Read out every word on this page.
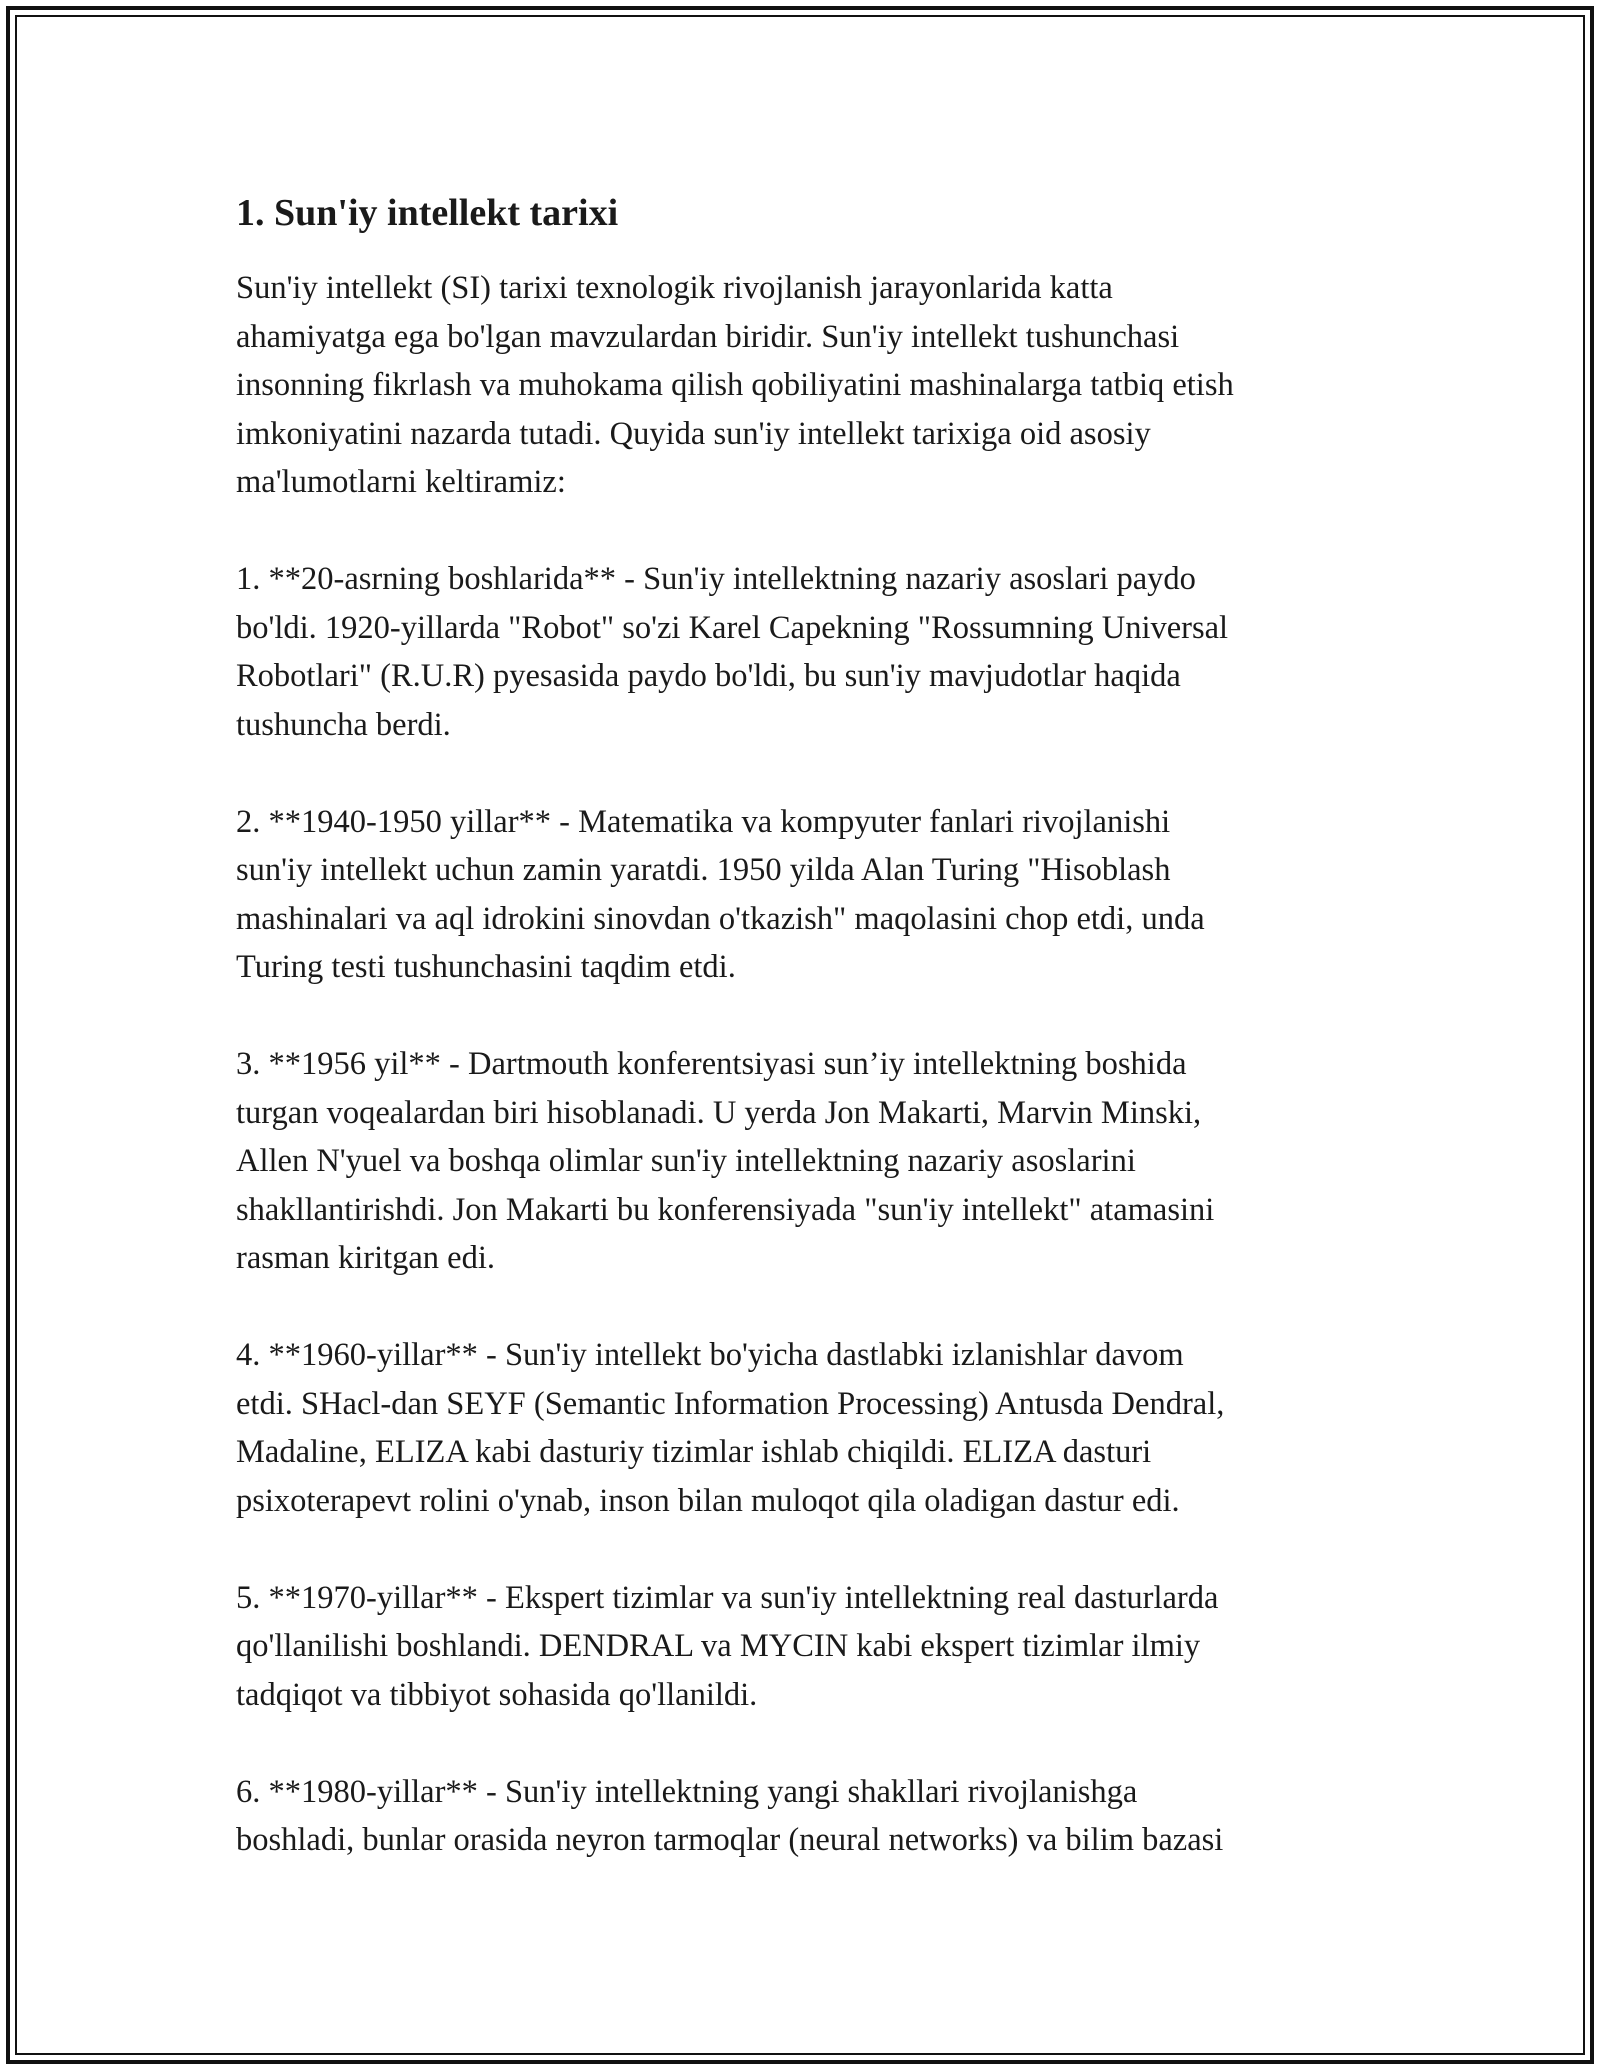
1. Sun'iy intellekt tarixi
Sun'iy intellekt (SI) tarixi texnologik rivojlanish jarayonlarida katta
ahamiyatga ega bo'lgan mavzulardan biridir. Sun'iy intellekt tushunchasi
insonning fikrlash va muhokama qilish qobiliyatini mashinalarga tatbiq etish
imkoniyatini nazarda tutadi. Quyida sun'iy intellekt tarixiga oid asosiy
ma'lumotlarni keltiramiz:
1. **20-asrning boshlarida** - Sun'iy intellektning nazariy asoslari paydo
bo'ldi. 1920-yillarda "Robot" so'zi Karel Capekning "Rossumning Universal
Robotlari" (R.U.R) pyesasida paydo bo'ldi, bu sun'iy mavjudotlar haqida
tushuncha berdi.
2. **1940-1950 yillar** - Matematika va kompyuter fanlari rivojlanishi
sun'iy intellekt uchun zamin yaratdi. 1950 yilda Alan Turing "Hisoblash
mashinalari va aql idrokini sinovdan o'tkazish" maqolasini chop etdi, unda
Turing testi tushunchasini taqdim etdi.
3. **1956 yil** - Dartmouth konferentsiyasi sun’iy intellektning boshida
turgan voqealardan biri hisoblanadi. U yerda Jon Makarti, Marvin Minski,
Allen N'yuel va boshqa olimlar sun'iy intellektning nazariy asoslarini
shakllantirishdi. Jon Makarti bu konferensiyada "sun'iy intellekt" atamasini
rasman kiritgan edi.
4. **1960-yillar** - Sun'iy intellekt bo'yicha dastlabki izlanishlar davom
etdi. SHacl-dan SEYF (Semantic Information Processing) Antusda Dendral,
Madaline, ELIZA kabi dasturiy tizimlar ishlab chiqildi. ELIZA dasturi
psixoterapevt rolini o'ynab, inson bilan muloqot qila oladigan dastur edi.
5. **1970-yillar** - Ekspert tizimlar va sun'iy intellektning real dasturlarda
qo'llanilishi boshlandi. DENDRAL va MYCIN kabi ekspert tizimlar ilmiy
tadqiqot va tibbiyot sohasida qo'llanildi.
6. **1980-yillar** - Sun'iy intellektning yangi shakllari rivojlanishga
boshladi, bunlar orasida neyron tarmoqlar (neural networks) va bilim bazasi
